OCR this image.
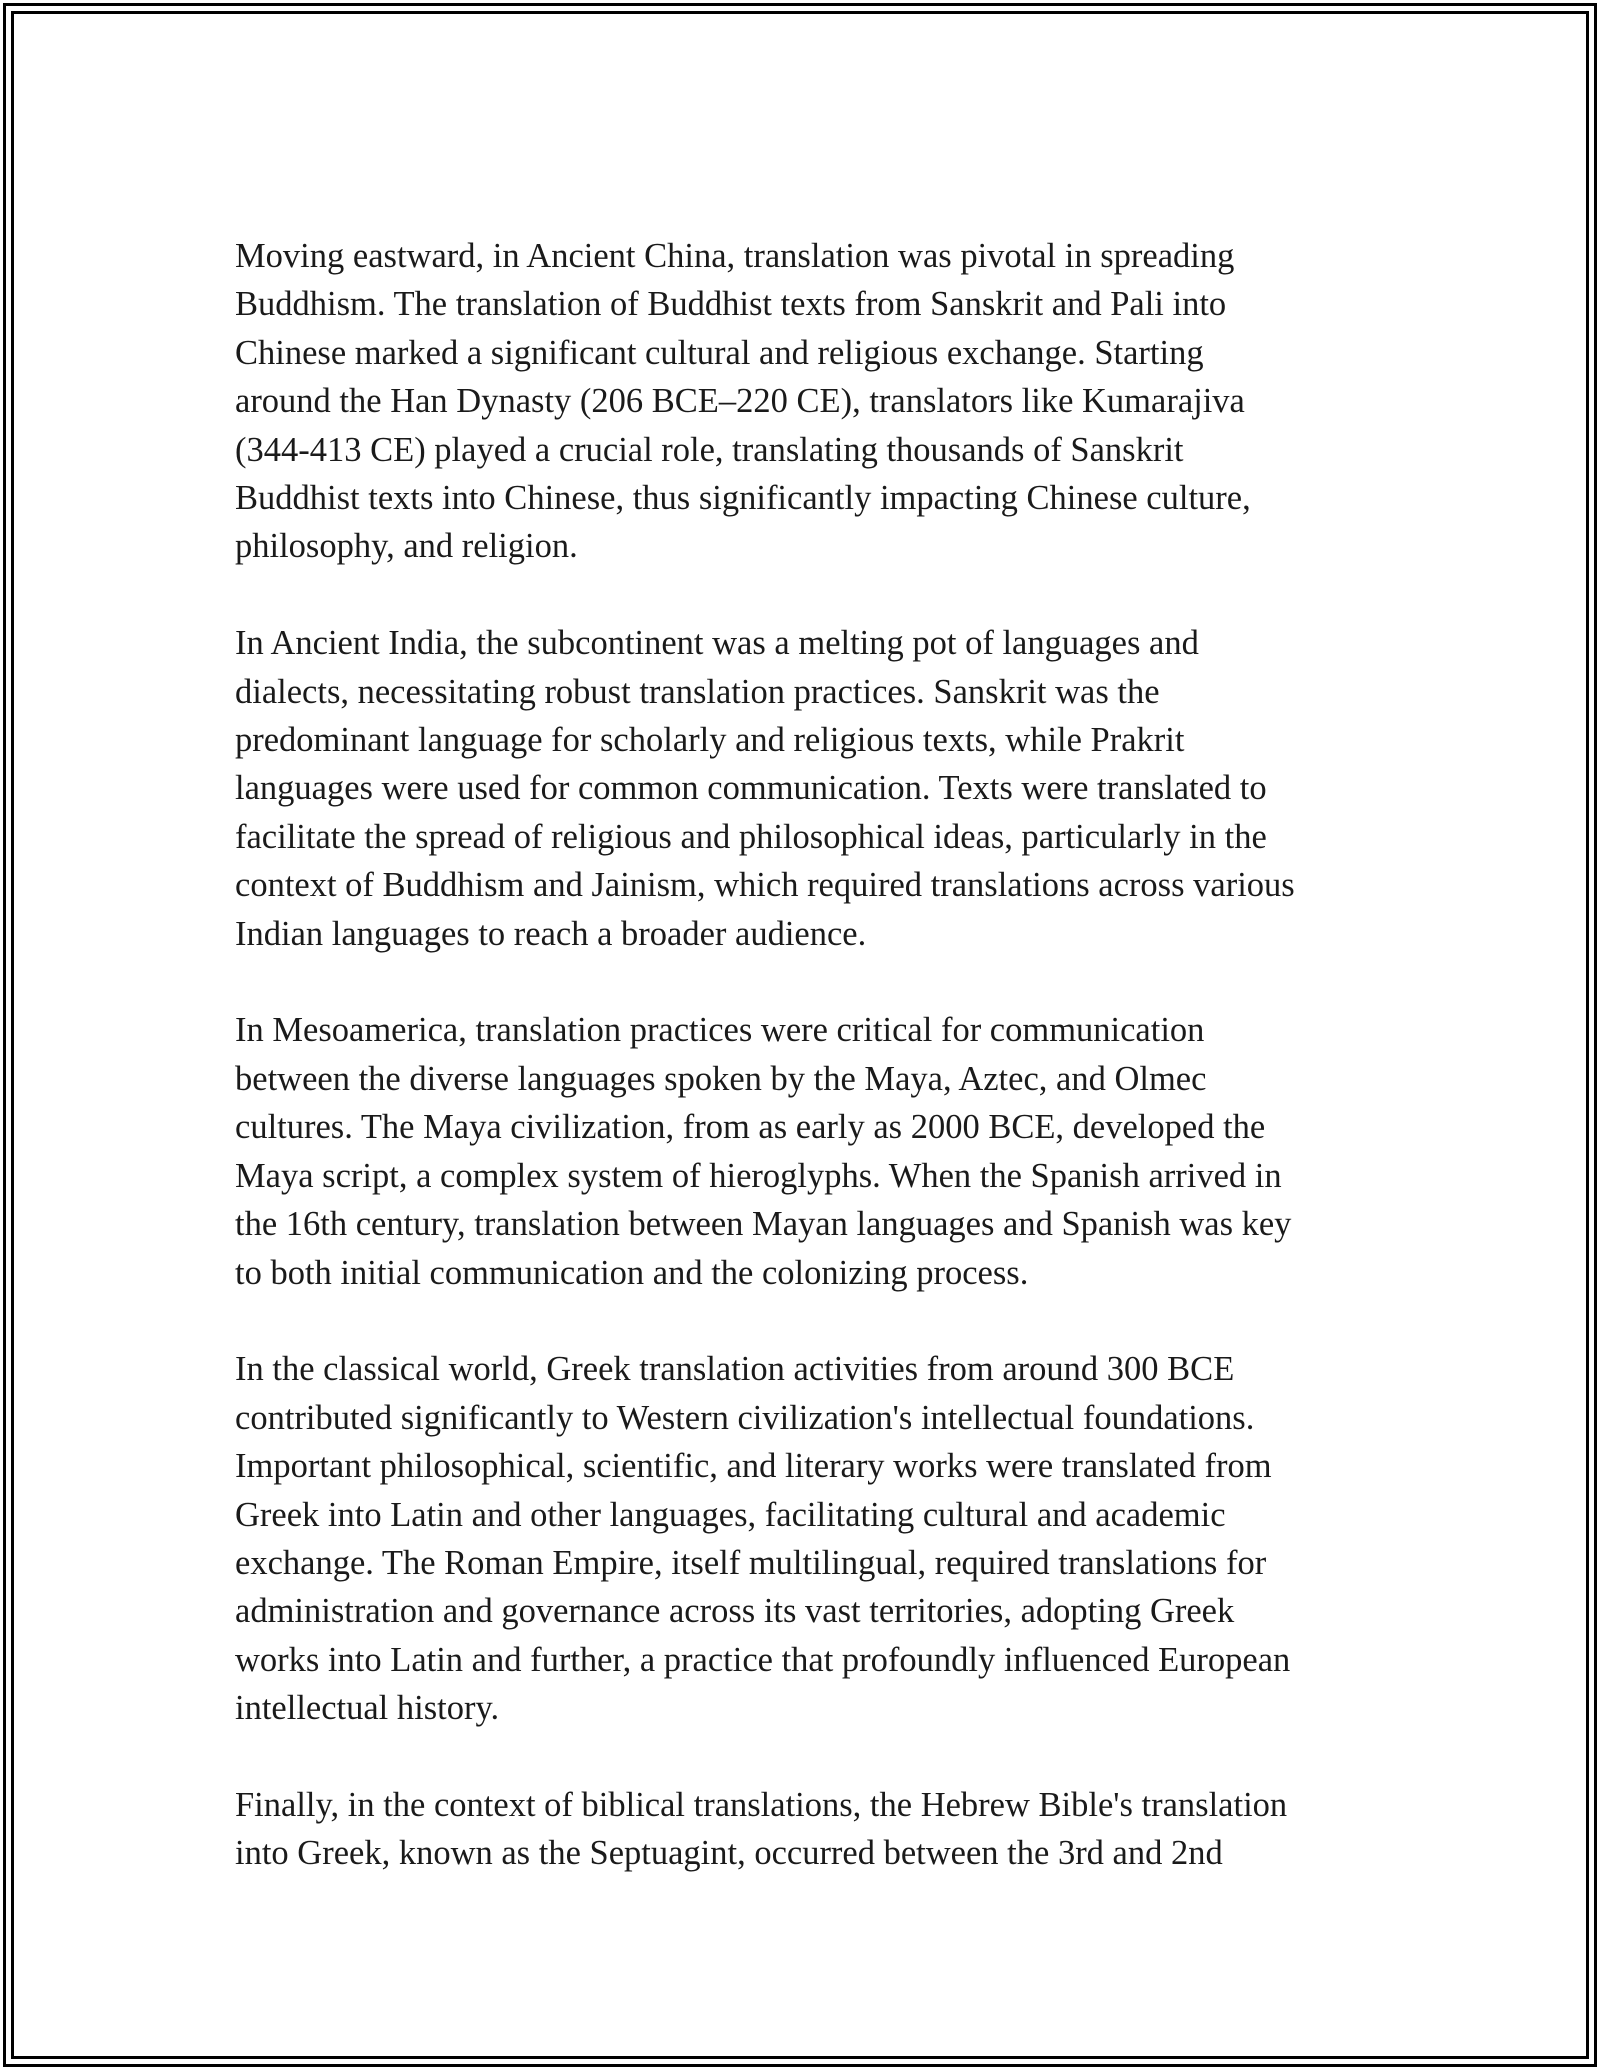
Moving eastward, in Ancient China, translation was pivotal in spreading
Buddhism. The translation of Buddhist texts from Sanskrit and Pali into
Chinese marked a significant cultural and religious exchange. Starting
around the Han Dynasty (206 BCE–220 CE), translators like Kumarajiva
(344-413 CE) played a crucial role, translating thousands of Sanskrit
Buddhist texts into Chinese, thus significantly impacting Chinese culture,
philosophy, and religion.

In Ancient India, the subcontinent was a melting pot of languages and
dialects, necessitating robust translation practices. Sanskrit was the
predominant language for scholarly and religious texts, while Prakrit
languages were used for common communication. Texts were translated to
facilitate the spread of religious and philosophical ideas, particularly in the
context of Buddhism and Jainism, which required translations across various
Indian languages to reach a broader audience.

In Mesoamerica, translation practices were critical for communication
between the diverse languages spoken by the Maya, Aztec, and Olmec
cultures. The Maya civilization, from as early as 2000 BCE, developed the
Maya script, a complex system of hieroglyphs. When the Spanish arrived in
the 16th century, translation between Mayan languages and Spanish was key
to both initial communication and the colonizing process.

In the classical world, Greek translation activities from around 300 BCE
contributed significantly to Western civilization's intellectual foundations.
Important philosophical, scientific, and literary works were translated from
Greek into Latin and other languages, facilitating cultural and academic
exchange. The Roman Empire, itself multilingual, required translations for
administration and governance across its vast territories, adopting Greek
works into Latin and further, a practice that profoundly influenced European
intellectual history.

Finally, in the context of biblical translations, the Hebrew Bible's translation
into Greek, known as the Septuagint, occurred between the 3rd and 2nd
